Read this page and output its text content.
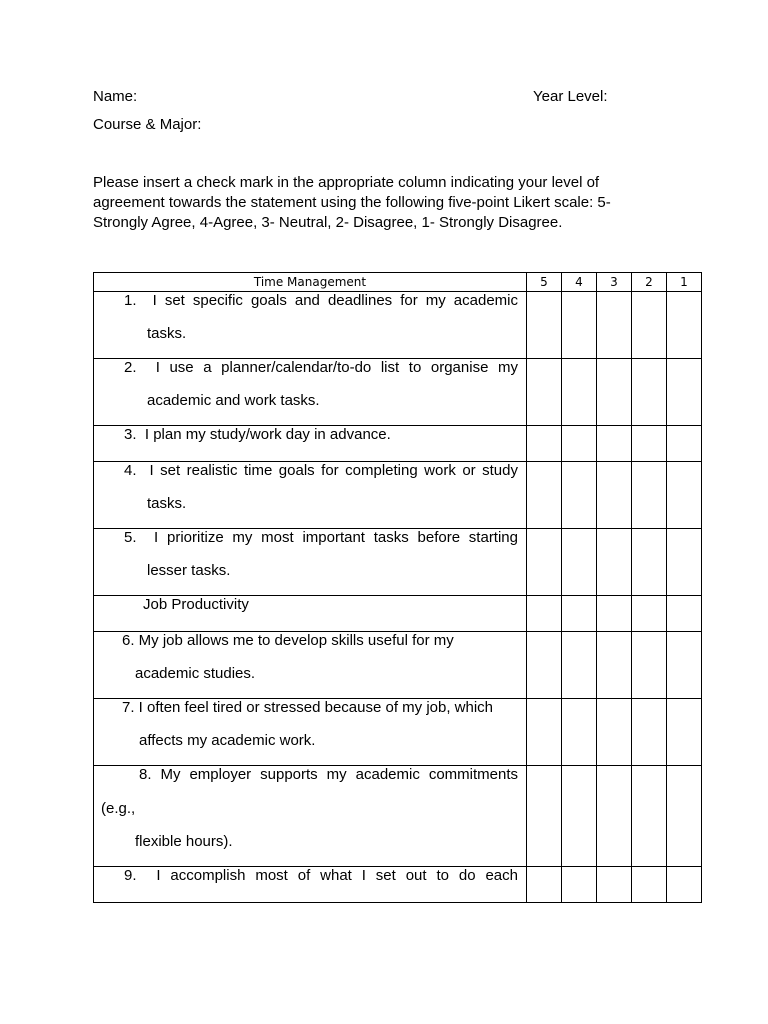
Name:	Year Level:
Course & Major:
Please insert a check mark in the appropriate column indicating your level of agreement towards the statement using the following five-point Likert scale: 5- Strongly Agree, 4-Agree, 3- Neutral, 2- Disagree, 1- Strongly Disagree.
Time Management	5	4	3	2	1

1. I set specific goals and deadlines for my academic
tasks.					

2. I use a planner/calendar/to-do list to organise my
academic and work tasks.					

3. I plan my study/work day in advance.					

4. I set realistic time goals for completing work or study
tasks.					

5. I prioritize my most important tasks before starting
lesser tasks.					

Job Productivity					

6. My job allows me to develop skills useful for my
academic studies.					

7. I often feel tired or stressed because of my job, which
affects my academic work.					

8. My employer supports my academic commitments
(e.g.,
flexible hours).					

9. I accomplish most of what I set out to do each					
